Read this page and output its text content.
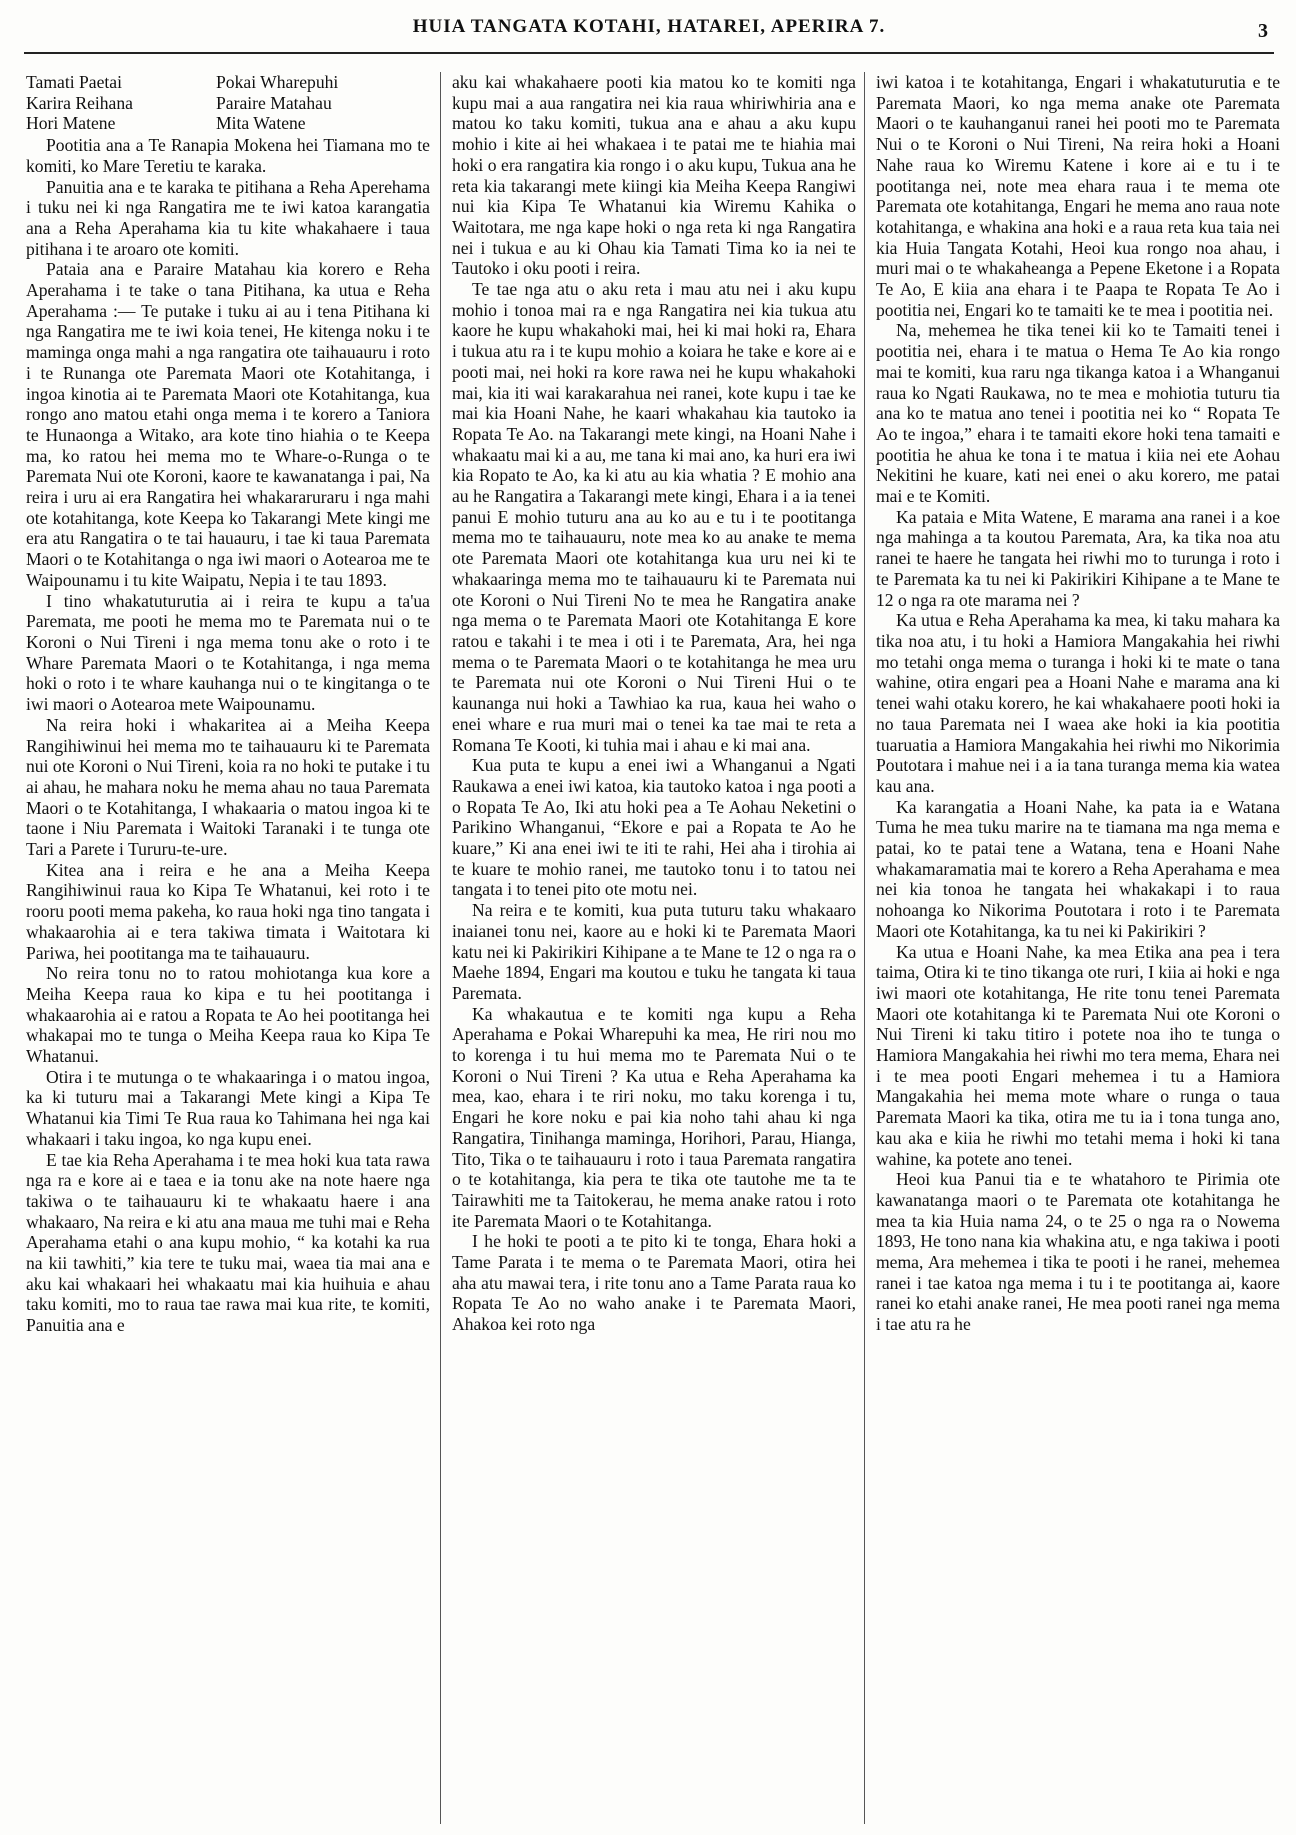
HUIA TANGATA KOTAHI, HATAREI, APERIRA 7.	3
Tamati Paetai	Pokai Wharepuhi
Karira Reihana	Paraire Matahau
Hori Matene	Mita Watene

Pootitia ana a Te Ranapia Mokena hei Tiamana mo te komiti, ko Mare Teretiu te karaka.

Panuitia ana e te karaka te pitihana a Reha Aperehama i tuku nei ki nga Rangatira me te iwi katoa karangatia ana a Reha Aperahama kia tu kite whakahaere i taua pitihana i te aroaro ote komiti.

Pataia ana e Paraire Matahau kia korero e Reha Aperahama i te take o tana Pitihana, ka utua e Reha Aperahama :— Te putake i tuku ai au i tena Pitihana ki nga Rangatira me te iwi koia tenei, He kitenga noku i te maminga onga mahi a nga rangatira ote taihauauru i roto i te Runanga ote Paremata Maori ote Kotahitanga, i ingoa kinotia ai te Paremata Maori ote Kotahitanga, kua rongo ano matou etahi onga mema i te korero a Taniora te Hunaonga a Witako, ara kote tino hiahia o te Keepa ma, ko ratou hei mema mo te Whare-o-Runga o te Paremata Nui ote Koroni, kaore te kawanatanga i pai, Na reira i uru ai era Rangatira hei whakararuraru i nga mahi ote kotahitanga, kote Keepa ko Takarangi Mete kingi me era atu Rangatira o te tai hauauru, i tae ki taua Paremata Maori o te Kotahitanga o nga iwi maori o Aotearoa me te Waipounamu i tu kite Waipatu, Nepia i te tau 1893.

I tino whakatuturutia ai i reira te kupu a ta'ua Paremata, me pooti he mema mo te Paremata nui o te Koroni o Nui Tireni i nga mema tonu ake o roto i te Whare Paremata Maori o te Kotahitanga, i nga mema hoki o roto i te whare kauhanga nui o te kingitanga o te iwi maori o Aotearoa mete Waipounamu.

Na reira hoki i whakaritea ai a Meiha Keepa Rangihiwinui hei mema mo te taihauauru ki te Paremata nui ote Koroni o Nui Tireni, koia ra no hoki te putake i tu ai ahau, he mahara noku he mema ahau no taua Paremata Maori o te Kotahitanga, I whakaaria o matou ingoa ki te taone i Niu Paremata i Waitoki Taranaki i te tunga ote Tari a Parete i Tururu-te-ure.

Kitea ana i reira e he ana a Meiha Keepa Rangihiwinui raua ko Kipa Te Whatanui, kei roto i te rooru pooti mema pakeha, ko raua hoki nga tino tangata i whakaarohia ai e tera takiwa timata i Waitotara ki Pariwa, hei pootitanga ma te taihauauru.

No reira tonu no to ratou mohiotanga kua kore a Meiha Keepa raua ko kipa e tu hei pootitanga i whakaarohia ai e ratou a Ropata te Ao hei pootitanga hei whakapai mo te tunga o Meiha Keepa raua ko Kipa Te Whatanui.

Otira i te mutunga o te whakaaringa i o matou ingoa, ka ki tuturu mai a Takarangi Mete kingi a Kipa Te Whatanui kia Timi Te Rua raua ko Tahimana hei nga kai whakaari i taku ingoa, ko nga kupu enei.

E tae kia Reha Aperahama i te mea hoki kua tata rawa nga ra e kore ai e taea e ia tonu ake na note haere nga takiwa o te taihauauru ki te whakaatu haere i ana whakaaro, Na reira e ki atu ana maua me tuhi mai e Reha Aperahama etahi o ana kupu mohio, “ ka kotahi ka rua na kii tawhiti,” kia tere te tuku mai, waea tia mai ana e aku kai whakaari hei whakaatu mai kia huihuia e ahau taku komiti, mo to raua tae rawa mai kua rite, te komiti, Panuitia ana e

aku kai whakahaere pooti kia matou ko te komiti nga kupu mai a aua rangatira nei kia raua whiriwhiria ana e matou ko taku komiti, tukua ana e ahau a aku kupu mohio i kite ai hei whakaea i te patai me te hiahia mai hoki o era rangatira kia rongo i o aku kupu, Tukua ana he reta kia takarangi mete kiingi kia Meiha Keepa Rangiwi nui kia Kipa Te Whatanui kia Wiremu Kahika o Waitotara, me nga kape hoki o nga reta ki nga Rangatira nei i tukua e au ki Ohau kia Tamati Tima ko ia nei te Tautoko i oku pooti i reira.

Te tae nga atu o aku reta i mau atu nei i aku kupu mohio i tonoa mai ra e nga Rangatira nei kia tukua atu kaore he kupu whakahoki mai, hei ki mai hoki ra, Ehara i tukua atu ra i te kupu mohio a koiara he take e kore ai e pooti mai, nei hoki ra kore rawa nei he kupu whakahoki mai, kia iti wai karakarahua nei ranei, kote kupu i tae ke mai kia Hoani Nahe, he kaari whakahau kia tautoko ia Ropata Te Ao. na Takarangi mete kingi, na Hoani Nahe i whakaatu mai ki a au, me tana ki mai ano, ka huri era iwi kia Ropato te Ao, ka ki atu au kia whatia ? E mohio ana au he Rangatira a Takarangi mete kingi, Ehara i a ia tenei panui E mohio tuturu ana au ko au e tu i te pootitanga mema mo te taihauauru, note mea ko au anake te mema ote Paremata Maori ote kotahitanga kua uru nei ki te whakaaringa mema mo te taihauauru ki te Paremata nui ote Koroni o Nui Tireni No te mea he Rangatira anake nga mema o te Paremata Maori ote Kotahitanga E kore ratou e takahi i te mea i oti i te Paremata, Ara, hei nga mema o te Paremata Maori o te kotahitanga he mea uru te Paremata nui ote Koroni o Nui Tireni Hui o te kaunanga nui hoki a Tawhiao ka rua, kaua hei waho o enei whare e rua muri mai o tenei ka tae mai te reta a Romana Te Kooti, ki tuhia mai i ahau e ki mai ana.

Kua puta te kupu a enei iwi a Whanganui a Ngati Raukawa a enei iwi katoa, kia tautoko katoa i nga pooti a o Ropata Te Ao, Iki atu hoki pea a Te Aohau Neketini o Parikino Whanganui, “Ekore e pai a Ropata te Ao he kuare,” Ki ana enei iwi te iti te rahi, Hei aha i tirohia ai te kuare te mohio ranei, me tautoko tonu i to tatou nei tangata i to tenei pito ote motu nei.

Na reira e te komiti, kua puta tuturu taku whakaaro inaianei tonu nei, kaore au e hoki ki te Paremata Maori katu nei ki Pakirikiri Kihipane a te Mane te 12 o nga ra o Maehe 1894, Engari ma koutou e tuku he tangata ki taua Paremata.

Ka whakautua e te komiti nga kupu a Reha Aperahama e Pokai Wharepuhi ka mea, He riri nou mo to korenga i tu hui mema mo te Paremata Nui o te Koroni o Nui Tireni ? Ka utua e Reha Aperahama ka mea, kao, ehara i te riri noku, mo taku korenga i tu, Engari he kore noku e pai kia noho tahi ahau ki nga Rangatira, Tinihanga maminga, Horihori, Parau, Hianga, Tito, Tika o te taihauauru i roto i taua Paremata rangatira o te kotahitanga, kia pera te tika ote tautohe me ta te Tairawhiti me ta Taitokerau, he mema anake ratou i roto ite Paremata Maori o te Kotahitanga.

I he hoki te pooti a te pito ki te tonga, Ehara hoki a Tame Parata i te mema o te Paremata Maori, otira hei aha atu mawai tera, i rite tonu ano a Tame Parata raua ko Ropata Te Ao no waho anake i te Paremata Maori, Ahakoa kei roto nga

iwi katoa i te kotahitanga, Engari i whakatuturutia e te Paremata Maori, ko nga mema anake ote Paremata Maori o te kauhanganui ranei hei pooti mo te Paremata Nui o te Koroni o Nui Tireni, Na reira hoki a Hoani Nahe raua ko Wiremu Katene i kore ai e tu i te pootitanga nei, note mea ehara raua i te mema ote Paremata ote kotahitanga, Engari he mema ano raua note kotahitanga, e whakina ana hoki e a raua reta kua taia nei kia Huia Tangata Kotahi, Heoi kua rongo noa ahau, i muri mai o te whakaheanga a Pepene Eketone i a Ropata Te Ao, E kiia ana ehara i te Paapa te Ropata Te Ao i pootitia nei, Engari ko te tamaiti ke te mea i pootitia nei.

Na, mehemea he tika tenei kii ko te Tamaiti tenei i pootitia nei, ehara i te matua o Hema Te Ao kia rongo mai te komiti, kua raru nga tikanga katoa i a Whanganui raua ko Ngati Raukawa, no te mea e mohiotia tuturu tia ana ko te matua ano tenei i pootitia nei ko “ Ropata Te Ao te ingoa,” ehara i te tamaiti ekore hoki tena tamaiti e pootitia he ahua ke tona i te matua i kiia nei ete Aohau Nekitini he kuare, kati nei enei o aku korero, me patai mai e te Komiti.

Ka pataia e Mita Watene, E marama ana ranei i a koe nga mahinga a ta koutou Paremata, Ara, ka tika noa atu ranei te haere he tangata hei riwhi mo to turunga i roto i te Paremata ka tu nei ki Pakirikiri Kihipane a te Mane te 12 o nga ra ote marama nei ?

Ka utua e Reha Aperahama ka mea, ki taku mahara ka tika noa atu, i tu hoki a Hamiora Mangakahia hei riwhi mo tetahi onga mema o turanga i hoki ki te mate o tana wahine, otira engari pea a Hoani Nahe e marama ana ki tenei wahi otaku korero, he kai whakahaere pooti hoki ia no taua Paremata nei I waea ake hoki ia kia pootitia tuaruatia a Hamiora Mangakahia hei riwhi mo Nikorimia Poutotara i mahue nei i a ia tana turanga mema kia watea kau ana.

Ka karangatia a Hoani Nahe, ka pata ia e Watana Tuma he mea tuku marire na te tiamana ma nga mema e patai, ko te patai tene a Watana, tena e Hoani Nahe whakamaramatia mai te korero a Reha Aperahama e mea nei kia tonoa he tangata hei whakakapi i to raua nohoanga ko Nikorima Poutotara i roto i te Paremata Maori ote Kotahitanga, ka tu nei ki Pakirikiri ?

Ka utua e Hoani Nahe, ka mea Etika ana pea i tera taima, Otira ki te tino tikanga ote ruri, I kiia ai hoki e nga iwi maori ote kotahitanga, He rite tonu tenei Paremata Maori ote kotahitanga ki te Paremata Nui ote Koroni o Nui Tireni ki taku titiro i potete noa iho te tunga o Hamiora Mangakahia hei riwhi mo tera mema, Ehara nei i te mea pooti Engari mehemea i tu a Hamiora Mangakahia hei mema mote whare o runga o taua Paremata Maori ka tika, otira me tu ia i tona tunga ano, kau aka e kiia he riwhi mo tetahi mema i hoki ki tana wahine, ka potete ano tenei.

Heoi kua Panui tia e te whatahoro te Pirimia ote kawanatanga maori o te Paremata ote kotahitanga he mea ta kia Huia nama 24, o te 25 o nga ra o Nowema 1893, He tono nana kia whakina atu, e nga takiwa i pooti mema, Ara mehemea i tika te pooti i he ranei, mehemea ranei i tae katoa nga mema i tu i te pootitanga ai, kaore ranei ko etahi anake ranei, He mea pooti ranei nga mema i tae atu ra he
